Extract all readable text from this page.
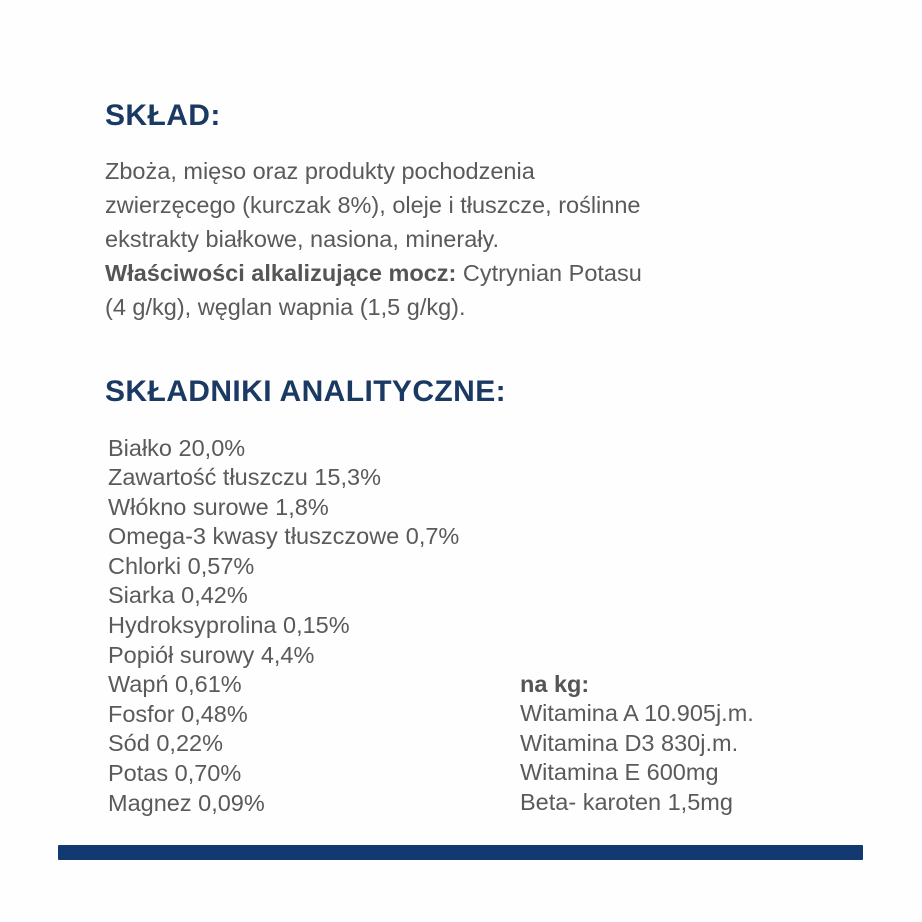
SKŁAD:

Zboża, mięso oraz produkty pochodzenia

zwierzęcego (kurczak 8%), oleje i tłuszcze, roślinne

ekstrakty białkowe, nasiona, minerały.

Właściwości alkalizujące mocz: Cytrynian Potasu

(4 g/kg), węglan wapnia (1,5 g/kg).

SKŁADNIKI ANALITYCZNE:
Białko 20,0%
Zawartość tłuszczu 15,3%
Włókno surowe 1,8%
Omega-3 kwasy tłuszczowe 0,7%
Chlorki 0,57%
Siarka 0,42%
Hydroksyprolina 0,15%
Popiół surowy 4,4%
Wapń 0,61%
Fosfor 0,48%
Sód 0,22%
Potas 0,70%
Magnez 0,09%
na kg:
Witamina A 10.905j.m.
Witamina D3 830j.m.
Witamina E 600mg
Beta- karoten 1,5mg
